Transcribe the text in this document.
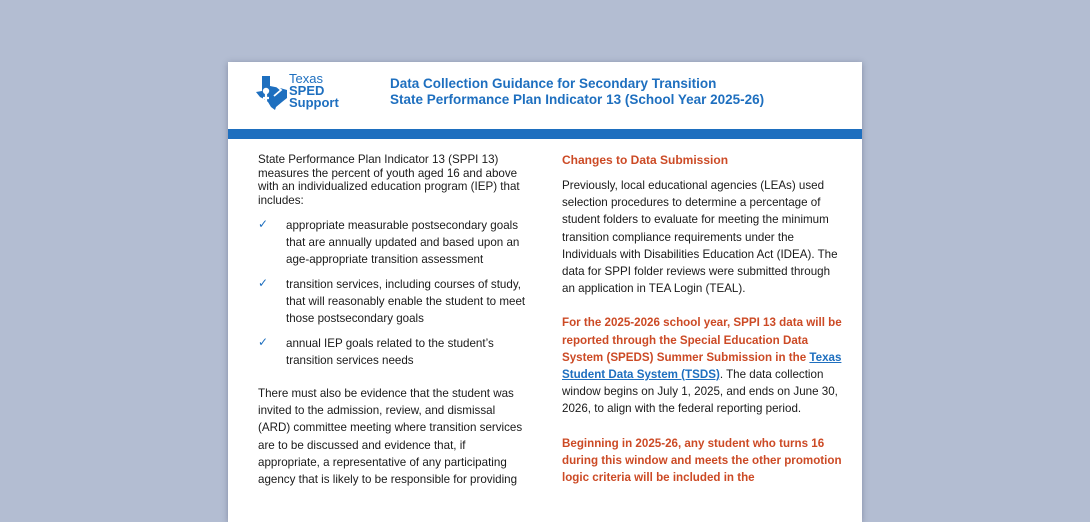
Texas
SPED
Support
Data Collection Guidance for Secondary Transition
State Performance Plan Indicator 13 (School Year 2025-26)

State Performance Plan Indicator 13 (SPPI 13) measures the percent of youth aged 16 and above with an individualized education program (IEP) that includes:

✓ appropriate measurable postsecondary goals that are annually updated and based upon an age-appropriate transition assessment
✓ transition services, including courses of study, that will reasonably enable the student to meet those postsecondary goals
✓ annual IEP goals related to the student’s transition services needs

There must also be evidence that the student was invited to the admission, review, and dismissal (ARD) committee meeting where transition services are to be discussed and evidence that, if appropriate, a representative of any participating agency that is likely to be responsible for providing

Changes to Data Submission

Previously, local educational agencies (LEAs) used selection procedures to determine a percentage of student folders to evaluate for meeting the minimum transition compliance requirements under the Individuals with Disabilities Education Act (IDEA). The data for SPPI folder reviews were submitted through an application in TEA Login (TEAL).

For the 2025-2026 school year, SPPI 13 data will be reported through the Special Education Data System (SPEDS) Summer Submission in the Texas Student Data System (TSDS). The data collection window begins on July 1, 2025, and ends on June 30, 2026, to align with the federal reporting period.

Beginning in 2025-26, any student who turns 16 during this window and meets the other promotion logic criteria will be included in the
